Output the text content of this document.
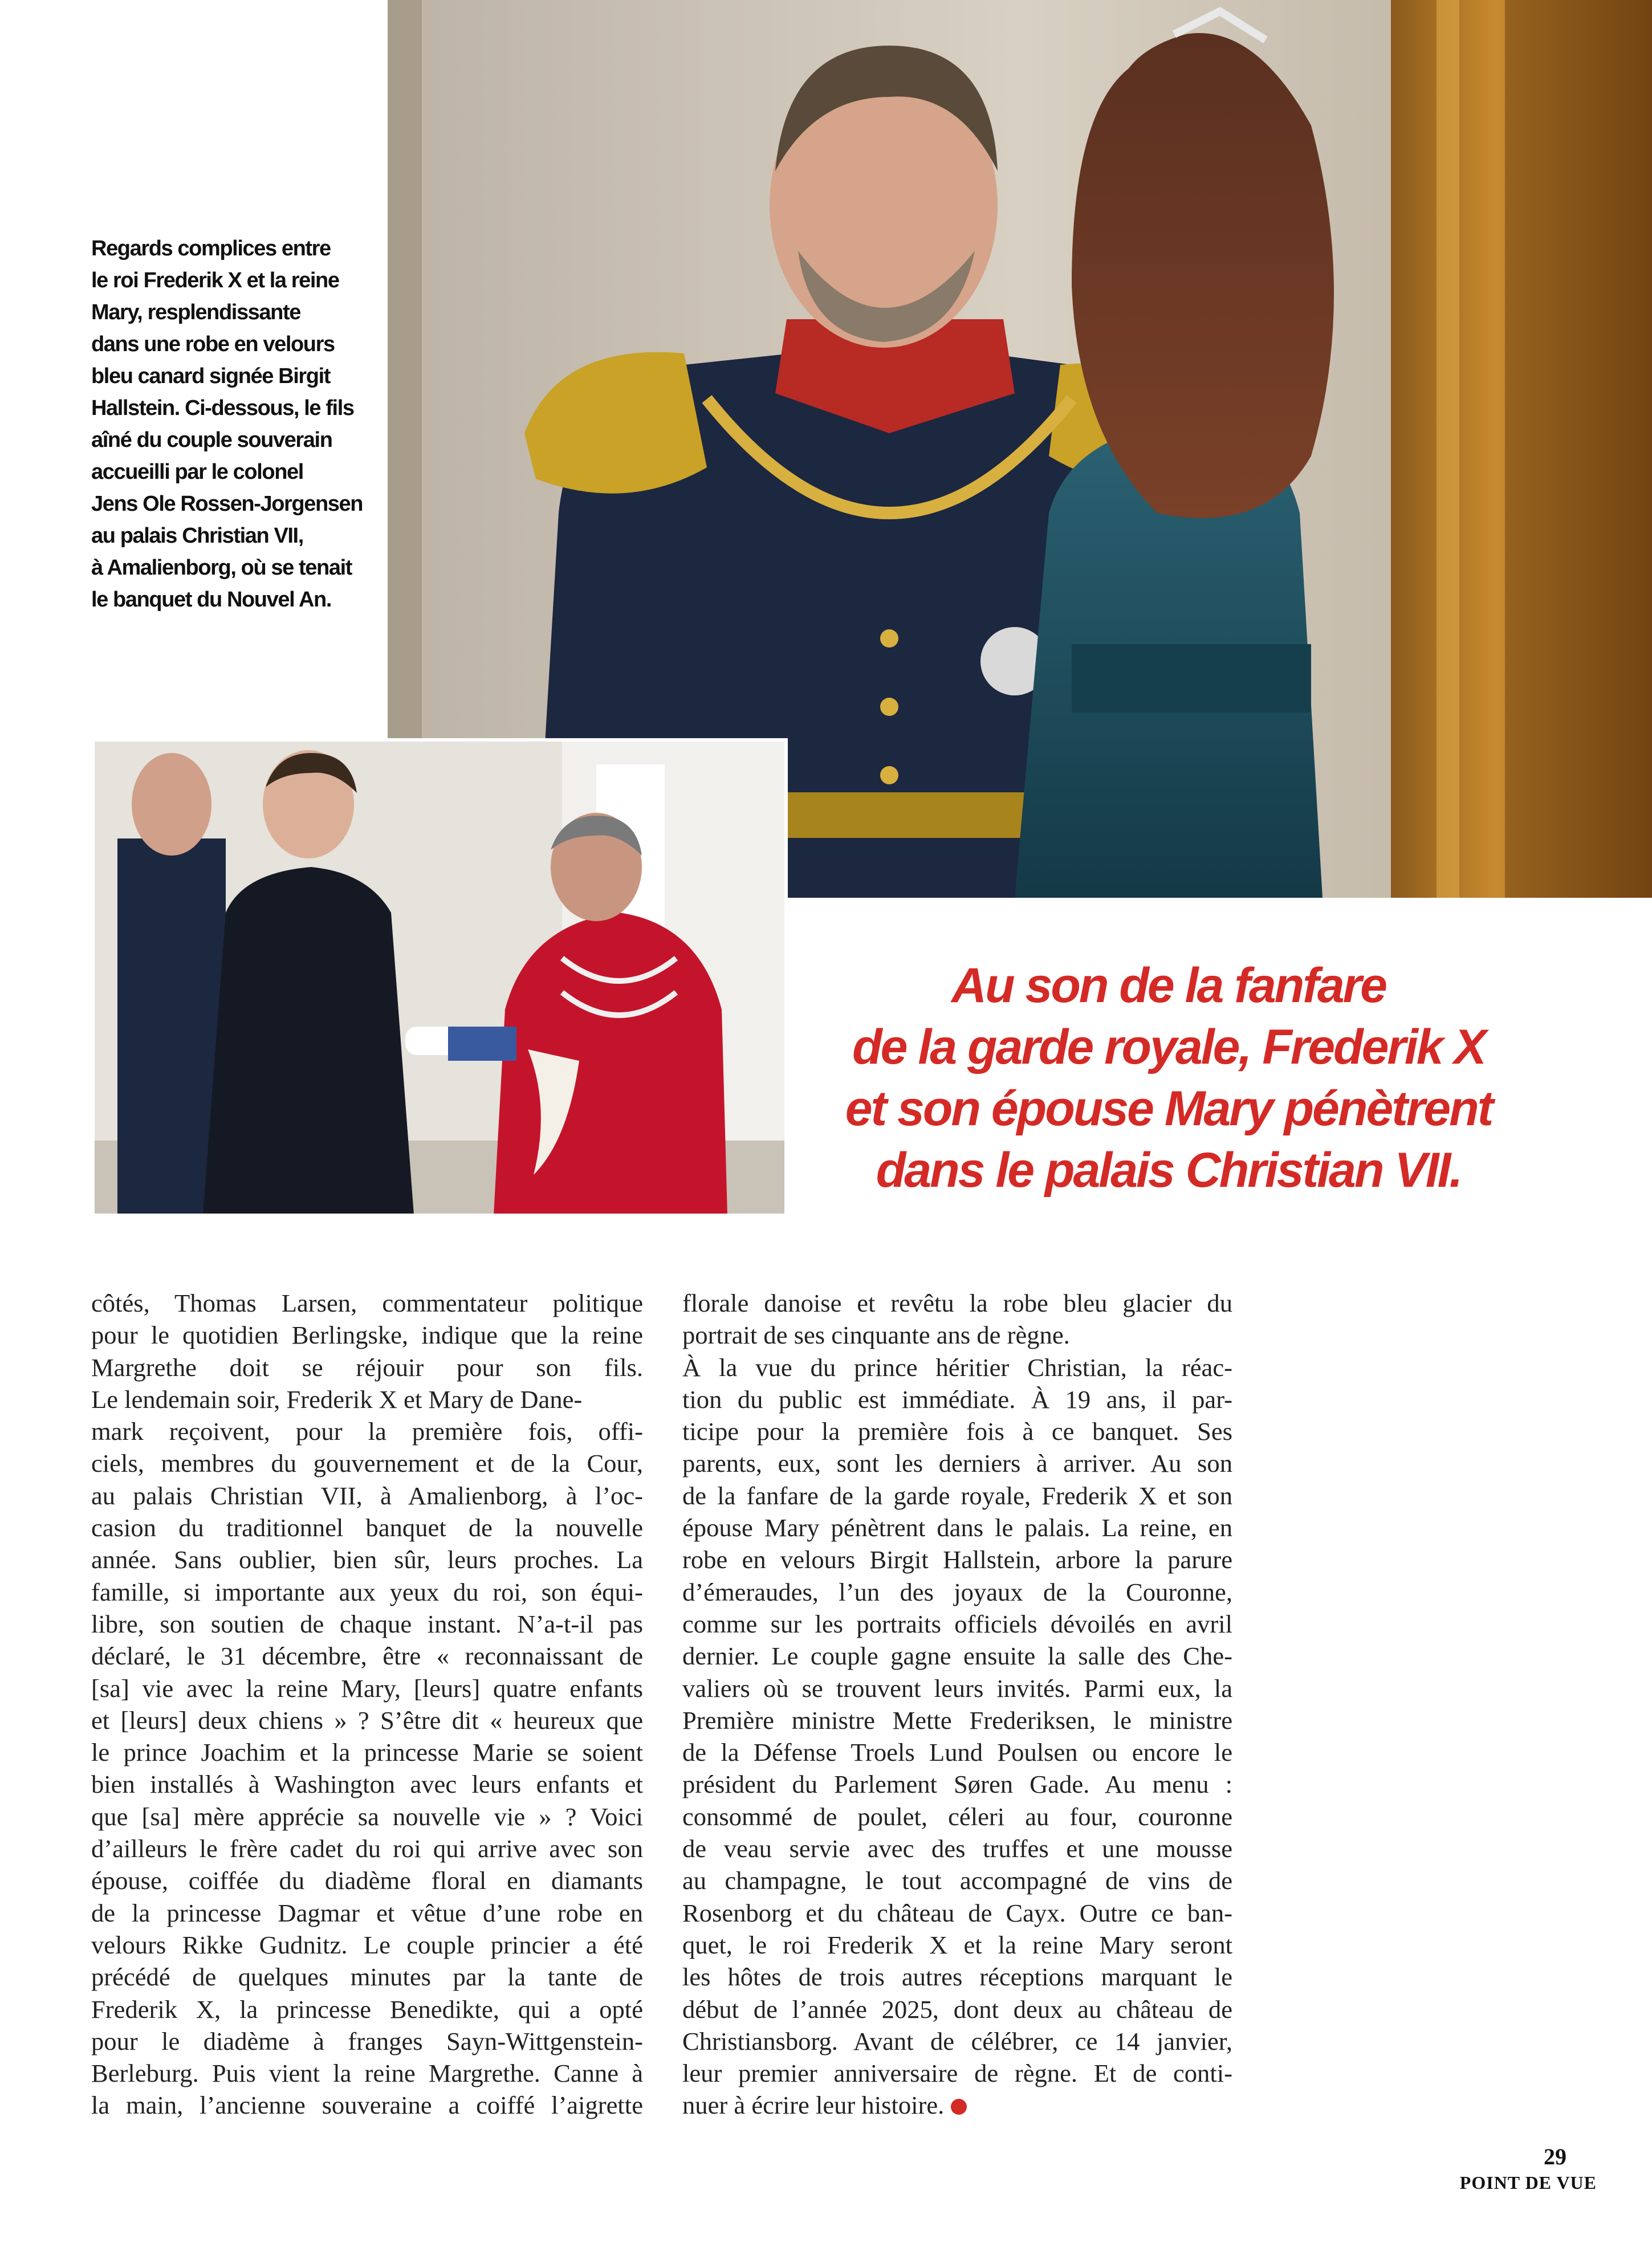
Regards complices entre
le roi Frederik X et la reine
Mary, resplendissante
dans une robe en velours
bleu canard signée Birgit
Hallstein. Ci-dessous, le fils
aîné du couple souverain
accueilli par le colonel
Jens Ole Rossen-Jorgensen
au palais Christian VII,
à Amalienborg, où se tenait
le banquet du Nouvel An.
Au son de la fanfare
de la garde royale, Frederik X
et son épouse Mary pénètrent
dans le palais Christian VII.
côtés, Thomas Larsen, commentateur politique
pour le quotidien Berlingske, indique que la reine
Margrethe doit se réjouir pour son fils.
Le lendemain soir, Frederik X et Mary de Dane-
mark reçoivent, pour la première fois, offi-
ciels, membres du gouvernement et de la Cour,
au palais Christian VII, à Amalienborg, à l’oc-
casion du traditionnel banquet de la nouvelle
année. Sans oublier, bien sûr, leurs proches. La
famille, si importante aux yeux du roi, son équi-
libre, son soutien de chaque instant. N’a-t-il pas
déclaré, le 31 décembre, être « reconnaissant de
[sa] vie avec la reine Mary, [leurs] quatre enfants
et [leurs] deux chiens » ? S’être dit « heureux que
le prince Joachim et la princesse Marie se soient
bien installés à Washington avec leurs enfants et
que [sa] mère apprécie sa nouvelle vie » ? Voici
d’ailleurs le frère cadet du roi qui arrive avec son
épouse, coiffée du diadème floral en diamants
de la princesse Dagmar et vêtue d’une robe en
velours Rikke Gudnitz. Le couple princier a été
précédé de quelques minutes par la tante de
Frederik X, la princesse Benedikte, qui a opté
pour le diadème à franges Sayn-Wittgenstein-
Berleburg. Puis vient la reine Margrethe. Canne à
la main, l’ancienne souveraine a coiffé l’aigrette
florale danoise et revêtu la robe bleu glacier du
portrait de ses cinquante ans de règne.
À la vue du prince héritier Christian, la réac-
tion du public est immédiate. À 19 ans, il par-
ticipe pour la première fois à ce banquet. Ses
parents, eux, sont les derniers à arriver. Au son
de la fanfare de la garde royale, Frederik X et son
épouse Mary pénètrent dans le palais. La reine, en
robe en velours Birgit Hallstein, arbore la parure
d’émeraudes, l’un des joyaux de la Couronne,
comme sur les portraits officiels dévoilés en avril
dernier. Le couple gagne ensuite la salle des Che-
valiers où se trouvent leurs invités. Parmi eux, la
Première ministre Mette Frederiksen, le ministre
de la Défense Troels Lund Poulsen ou encore le
président du Parlement Søren Gade. Au menu :
consommé de poulet, céleri au four, couronne
de veau servie avec des truffes et une mousse
au champagne, le tout accompagné de vins de
Rosenborg et du château de Cayx. Outre ce ban-
quet, le roi Frederik X et la reine Mary seront
les hôtes de trois autres réceptions marquant le
début de l’année 2025, dont deux au château de
Christiansborg. Avant de célébrer, ce 14 janvier,
leur premier anniversaire de règne. Et de conti-
nuer à écrire leur histoire.
29
POINT DE VUE
